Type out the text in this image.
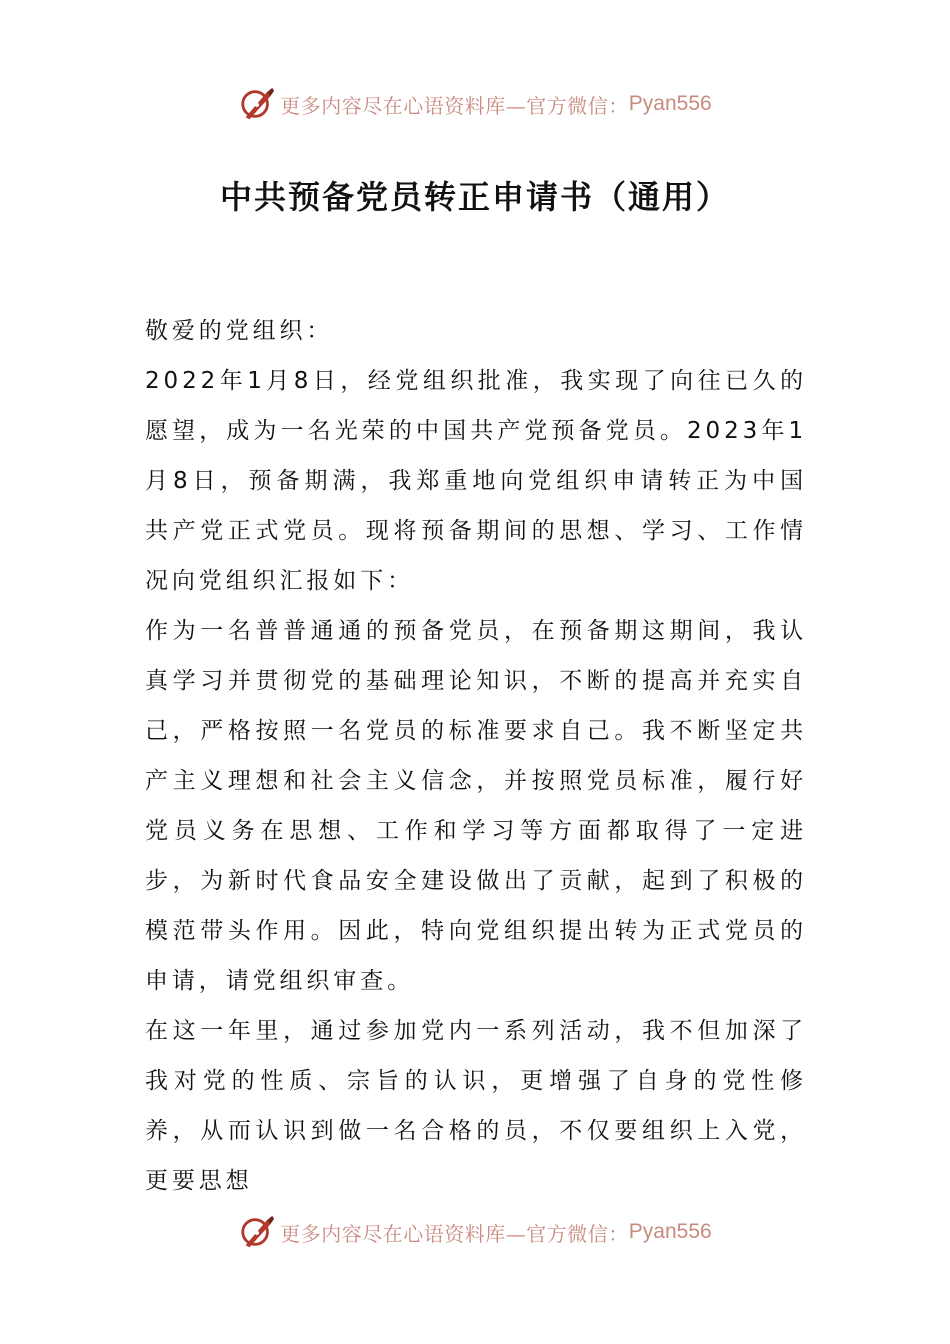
更多内容尽在心语资料库—官方微信： Pyan556
中共预备党员转正申请书（通用）

敬爱的党组织：

2022年1月8日，经党组织批准，我实现了向往已久的愿望，成为一名光荣的中国共产党预备党员。2023年1月8日，预备期满，我郑重地向党组织申请转正为中国共产党正式党员。现将预备期间的思想、学习、工作情况向党组织汇报如下：

作为一名普普通通的预备党员，在预备期这期间，我认真学习并贯彻党的基础理论知识，不断的提高并充实自己，严格按照一名党员的标准要求自己。我不断坚定共产主义理想和社会主义信念，并按照党员标准，履行好党员义务在思想、工作和学习等方面都取得了一定进步，为新时代食品安全建设做出了贡献，起到了积极的模范带头作用。因此，特向党组织提出转为正式党员的申请，请党组织审查。

在这一年里，通过参加党内一系列活动，我不但加深了我对党的性质、宗旨的认识，更增强了自身的党性修养，从而认识到做一名合格的员，不仅要组织上入党，更要思想

更多内容尽在心语资料库—官方微信： Pyan556
